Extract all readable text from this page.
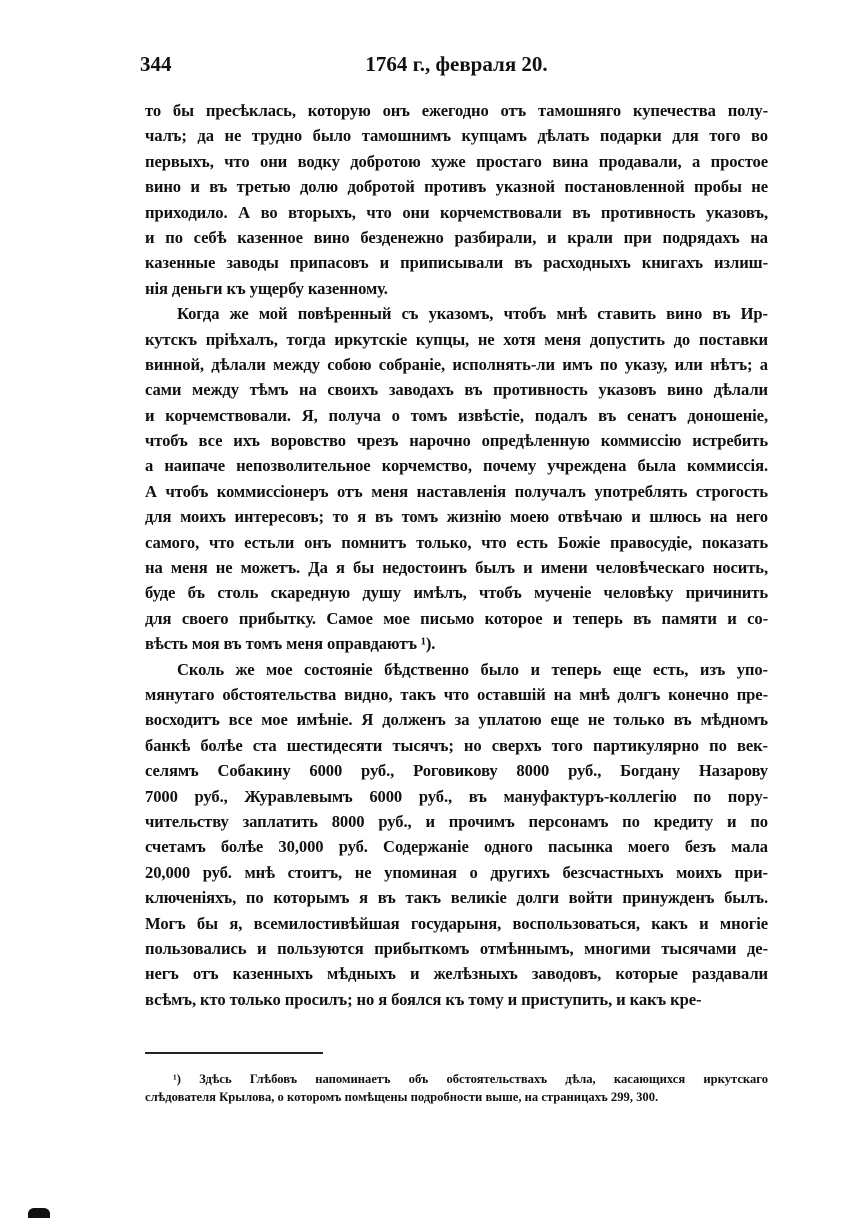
344	1764 г., февраля 20.
то бы пресѣклась, которую онъ ежегодно отъ тамошняго купечества полу-
чалъ; да не трудно было тамошнимъ купцамъ дѣлать подарки для того во
первыхъ, что они водку добротою хуже простаго вина продавали, а простое
вино и въ третью долю добротой противъ указной постановленной пробы не
приходило. А во вторыхъ, что они корчемствовали въ противность указовъ,
и по себѣ казенное вино безденежно разбирали, и крали при подрядахъ на
казенные заводы припасовъ и приписывали въ расходныхъ книгахъ излиш-
нія деньги къ ущербу казенному.
Когда же мой повѣренный съ указомъ, чтобъ мнѣ ставить вино въ Ир-
кутскъ пріѣхалъ, тогда иркутскіе купцы, не хотя меня допустить до поставки
винной, дѣлали между собою собраніе, исполнять-ли имъ по указу, или нѣтъ; а
сами между тѣмъ на своихъ заводахъ въ противность указовъ вино дѣлали
и корчемствовали. Я, получа о томъ извѣстіе, подалъ въ сенатъ доношеніе,
чтобъ все ихъ воровство чрезъ нарочно опредѣленную коммиссію истребить
а наипаче непозволительное корчемство, почему учреждена была коммиссія.
А чтобъ коммиссіонеръ отъ меня наставленія получалъ употреблять строгость
для моихъ интересовъ; то я въ томъ жизнію моею отвѣчаю и шлюсь на него
самого, что естьли онъ помнитъ только, что есть Божіе правосудіе, показать
на меня не можетъ. Да я бы недостоинъ былъ и имени человѣческаго носить,
буде бъ столь скаредную душу имѣлъ, чтобъ мученіе человѣку причинить
для своего прибытку. Самое мое письмо которое и теперь въ памяти и со-
вѣсть моя въ томъ меня оправдаютъ ¹).
Сколь же мое состояніе бѣдственно было и теперь еще есть, изъ упо-
мянутаго обстоятельства видно, такъ что оставшій на мнѣ долгъ конечно пре-
восходитъ все мое имѣніе. Я долженъ за уплатою еще не только въ мѣдномъ
банкѣ болѣе ста шестидесяти тысячъ; но сверхъ того партикулярно по век-
селямъ Собакину 6000 руб., Роговикову 8000 руб., Богдану Назарову
7000 руб., Журавлевымъ 6000 руб., въ мануфактуръ-коллегію по пору-
чительству заплатить 8000 руб., и прочимъ персонамъ по кредиту и по
счетамъ болѣе 30,000 руб. Содержаніе одного пасынка моего безъ мала
20,000 руб. мнѣ стоитъ, не упоминая о другихъ безсчастныхъ моихъ при-
ключеніяхъ, по которымъ я въ такъ великіе долги войти принужденъ былъ.
Могъ бы я, всемилостивѣйшая государыня, воспользоваться, какъ и многіе
пользовались и пользуются прибыткомъ отмѣннымъ, многими тысячами де-
негъ отъ казенныхъ мѣдныхъ и желѣзныхъ заводовъ, которые раздавали
всѣмъ, кто только просилъ; но я боялся къ тому и приступить, и какъ кре-
¹) Здѣсь Глѣбовъ напоминаетъ объ обстоятельствахъ дѣла, касающихся иркутскаго
слѣдователя Крылова, о которомъ помѣщены подробности выше, на страницахъ 299, 300.
